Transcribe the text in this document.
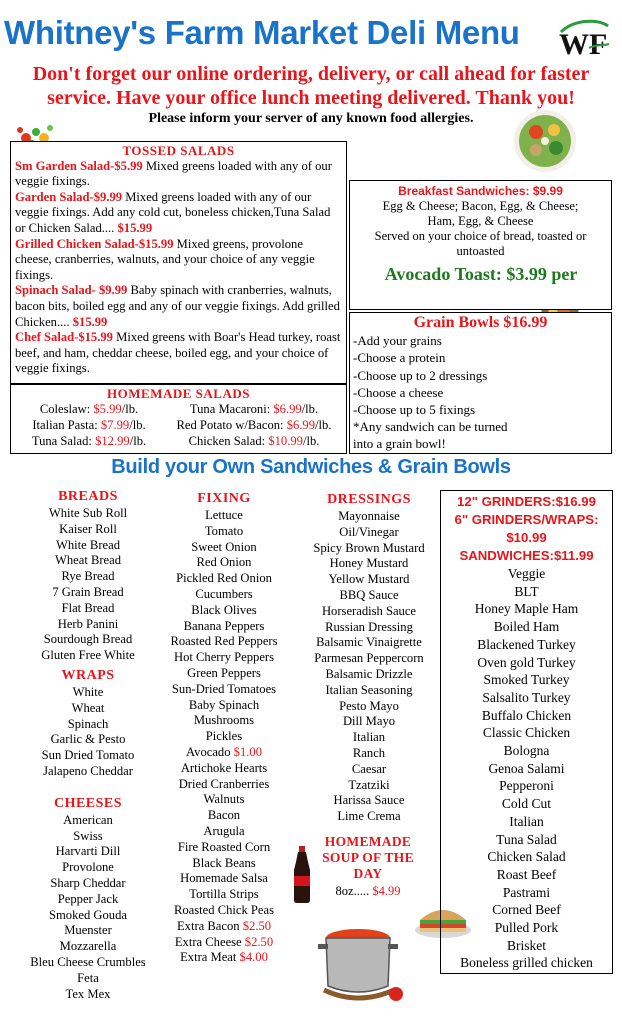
Whitney's Farm Market Deli Menu	WF
Don't forget our online ordering, delivery, or call ahead for faster service. Have your office lunch meeting delivered. Thank you!
Please inform your server of any known food allergies.
TOSSED SALADS

Sm Garden Salad-$5.99 Mixed greens loaded with any of our veggie fixings.

Garden Salad-$9.99 Mixed greens loaded with any of our veggie fixings. Add any cold cut, boneless chicken,Tuna Salad or Chicken Salad.... $15.99

Grilled Chicken Salad-$15.99 Mixed greens, provolone cheese, cranberries, walnuts, and your choice of any veggie fixings.

Spinach Salad- $9.99 Baby spinach with cranberries, walnuts, bacon bits, boiled egg and any of our veggie fixings. Add grilled Chicken.... $15.99

Chef Salad-$15.99 Mixed greens with Boar's Head turkey, roast beef, and ham, cheddar cheese, boiled egg, and your choice of veggie fixings.

HOMEMADE SALADS
Coleslaw: $5.99/lb.	Tuna Macaroni: $6.99/lb.
Italian Pasta: $7.99/lb.	Red Potato w/Bacon: $6.99/lb.
Tuna Salad: $12.99/lb.	Chicken Salad: $10.99/lb.
Breakfast Sandwiches: $9.99
Egg & Cheese; Bacon, Egg, & Cheese;
Ham, Egg, & Cheese
Served on your choice of bread, toasted or
untoasted
Avocado Toast: $3.99 per
Grain Bowls $16.99
-Add your grains
-Choose a protein
-Choose up to 2 dressings
-Choose a cheese
-Choose up to 5 fixings
*Any sandwich can be turned
into a grain bowl!
Build your Own Sandwiches & Grain Bowls
BREADS
White Sub Roll
Kaiser Roll
White Bread
Wheat Bread
Rye Bread
7 Grain Bread
Flat Bread
Herb Panini
Sourdough Bread
Gluten Free White
WRAPS
White
Wheat
Spinach
Garlic & Pesto
Sun Dried Tomato
Jalapeno Cheddar
CHEESES
American
Swiss
Harvarti Dill
Provolone
Sharp Cheddar
Pepper Jack
Smoked Gouda
Muenster
Mozzarella
Bleu Cheese Crumbles
Feta
Tex Mex
FIXING
Lettuce
Tomato
Sweet Onion
Red Onion
Pickled Red Onion
Cucumbers
Black Olives
Banana Peppers
Roasted Red Peppers
Hot Cherry Peppers
Green Peppers
Sun-Dried Tomatoes
Baby Spinach
Mushrooms
Pickles
Avocado $1.00
Artichoke Hearts
Dried Cranberries
Walnuts
Bacon
Arugula
Fire Roasted Corn
Black Beans
Homemade Salsa
Tortilla Strips
Roasted Chick Peas
Extra Bacon $2.50
Extra Cheese $2.50
Extra Meat $4.00
DRESSINGS
Mayonnaise
Oil/Vinegar
Spicy Brown Mustard
Honey Mustard
Yellow Mustard
BBQ Sauce
Horseradish Sauce
Russian Dressing
Balsamic Vinaigrette
Parmesan Peppercorn
Balsamic Drizzle
Italian Seasoning
Pesto Mayo
Dill Mayo
Italian
Ranch
Caesar
Tzatziki
Harissa Sauce
Lime Crema
HOMEMADE
SOUP OF THE
DAY
8oz..... $4.99
12" GRINDERS:$16.99
6" GRINDERS/WRAPS:
$10.99
SANDWICHES:$11.99
Veggie
BLT
Honey Maple Ham
Boiled Ham
Blackened Turkey
Oven gold Turkey
Smoked Turkey
Salsalito Turkey
Buffalo Chicken
Classic Chicken
Bologna
Genoa Salami
Pepperoni
Cold Cut
Italian
Tuna Salad
Chicken Salad
Roast Beef
Pastrami
Corned Beef
Pulled Pork
Brisket
Boneless grilled chicken
